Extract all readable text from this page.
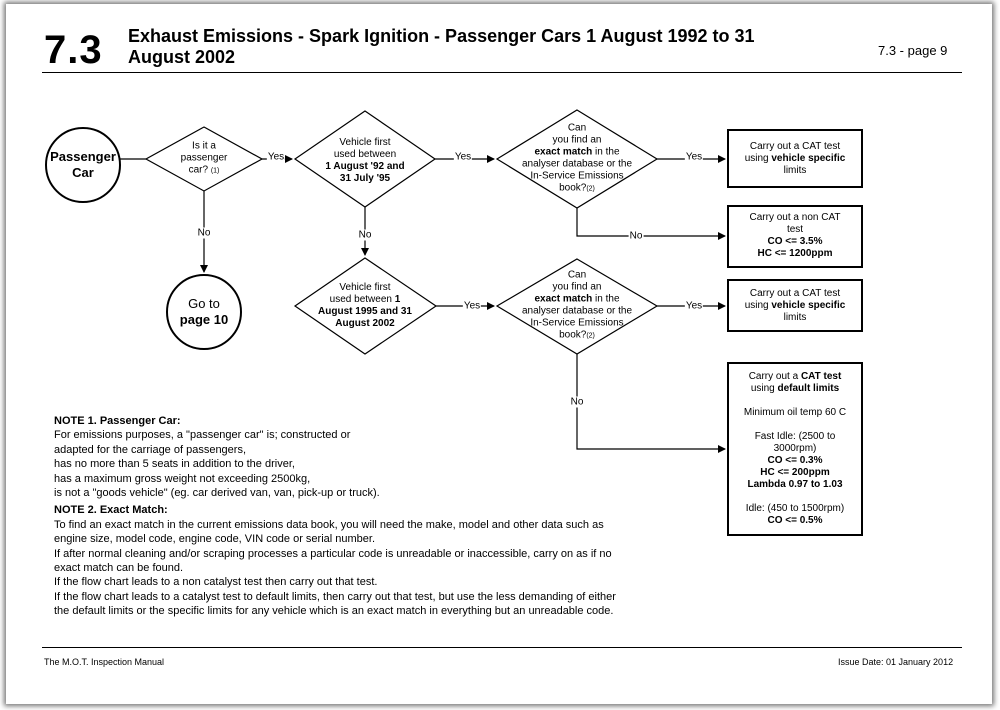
7.3 Exhaust Emissions - Spark Ignition - Passenger Cars 1 August 1992 to 31 August 2002	7.3 - page 9
Yes
No
Yes
No
Yes
No
Yes	Yes
No
Passenger
Car
Is it a
passenger
car? (1)
Vehicle first
used between
1 August '92 and
31 July '95
Can
you find an
exact match in the
analyser database or the
In-Service Emissions
book?(2)
Carry out a CAT test
using vehicle specific
limits
Carry out a non CAT
test
CO <= 3.5%
HC <= 1200ppm
Go to
page 10
Vehicle first
used between 1
August 1995 and 31
August 2002
Can
you find an
exact match in the
analyser database or the
In-Service Emissions
book?(2)
Carry out a CAT test
using vehicle specific
limits
Carry out a CAT test
using default limits
Minimum oil temp 60 C
Fast Idle: (2500 to
3000rpm)
CO <= 0.3%
HC <= 200ppm
Lambda 0.97 to 1.03
Idle: (450 to 1500rpm)
CO <= 0.5%
NOTE 1. Passenger Car:
For emissions purposes, a "passenger car" is; constructed or
adapted for the carriage of passengers,
has no more than 5 seats in addition to the driver,
has a maximum gross weight not exceeding 2500kg,
is not a "goods vehicle" (eg. car derived van, van, pick-up or truck).
NOTE 2. Exact Match:
To find an exact match in the current emissions data book, you will need the make, model and other data such as
engine size, model code, engine code, VIN code or serial number.
If after normal cleaning and/or scraping processes a particular code is unreadable or inaccessible, carry on as if no
exact match can be found.
If the flow chart leads to a non catalyst test then carry out that test.
If the flow chart leads to a catalyst test to default limits, then carry out that test, but use the less demanding of either
the default limits or the specific limits for any vehicle which is an exact match in everything but an unreadable code.
The M.O.T. Inspection Manual	Issue Date: 01 January 2012
